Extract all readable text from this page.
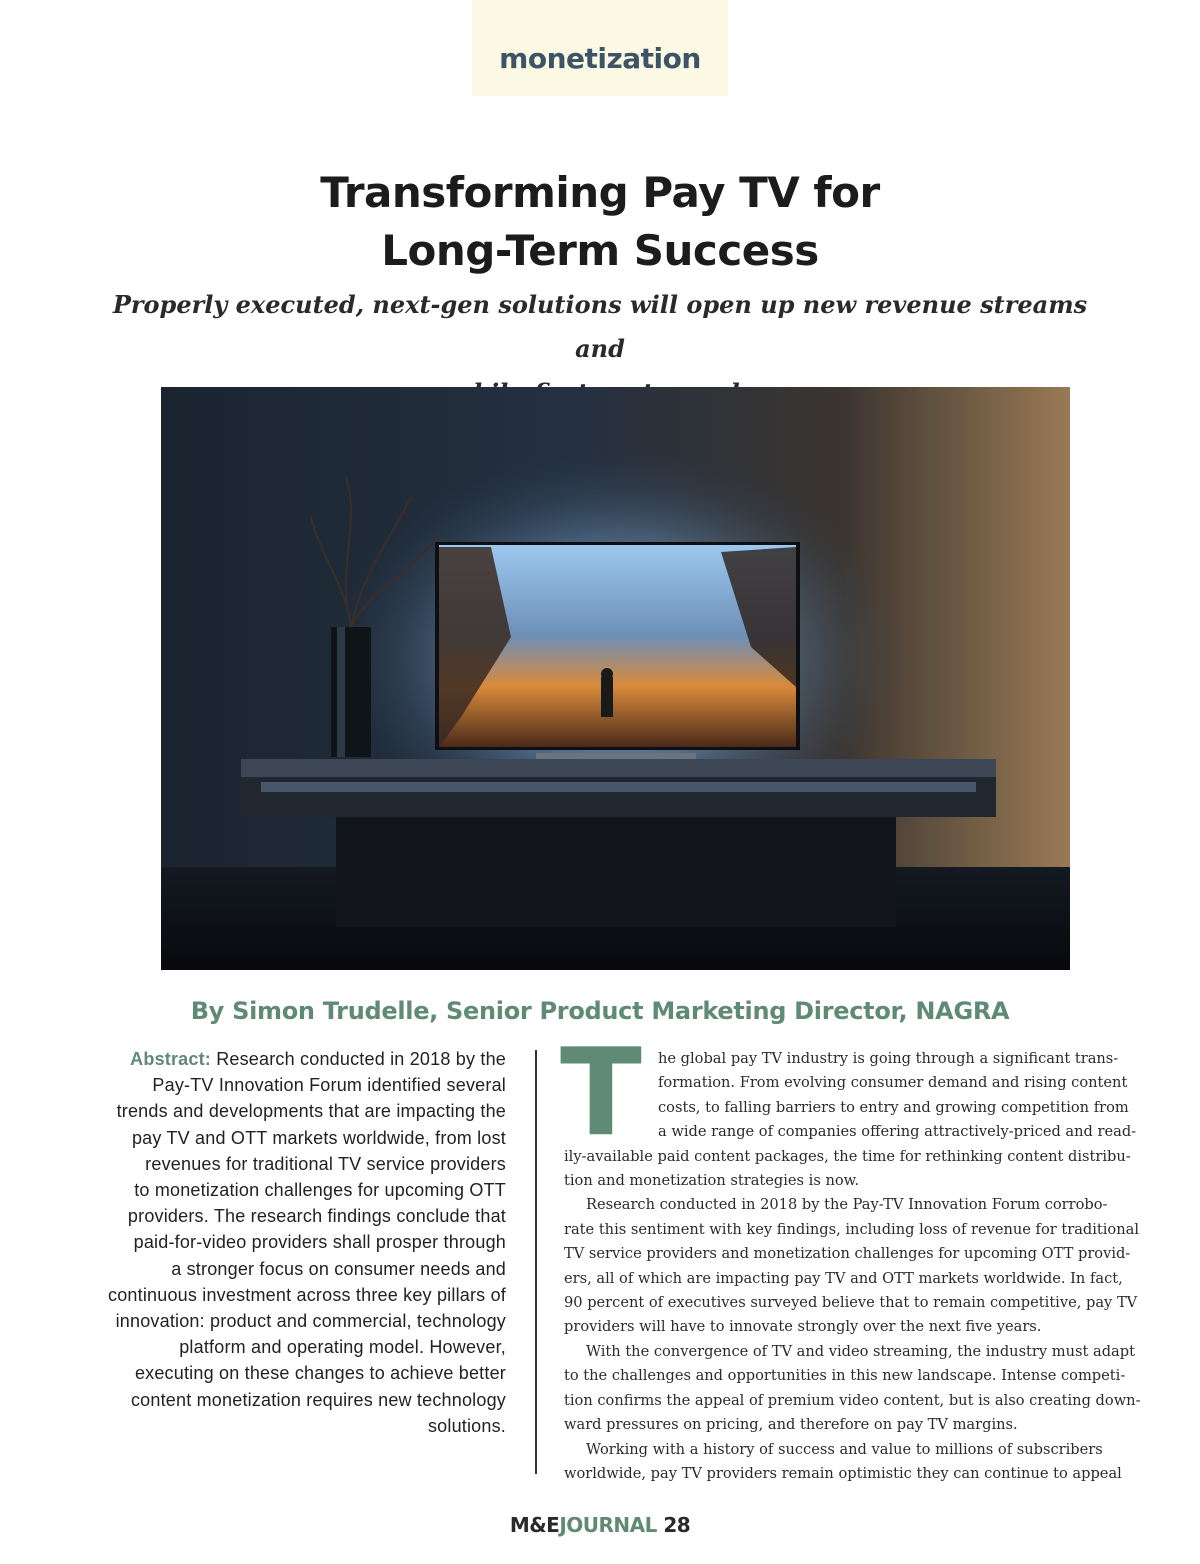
monetization
Transforming Pay TV for
Long-Term Success
Properly executed, next-gen solutions will open up new revenue streams and
By Simon Trudelle, Senior Product Marketing Director, NAGRA
Abstract: Research conducted in 2018 by the
Pay-TV Innovation Forum identified several
trends and developments that are impacting the
pay TV and OTT markets worldwide, from lost
revenues for traditional TV service providers
to monetization challenges for upcoming OTT
providers. The research findings conclude that
paid-for-video providers shall prosper through
a stronger focus on consumer needs and
continuous investment across three key pillars of
innovation: product and commercial, technology
platform and operating model. However,
executing on these changes to achieve better
content monetization requires new technology
solutions.
T	he global pay TV industry is going through a significant trans-
formation. From evolving consumer demand and rising content
costs, to falling barriers to entry and growing competition from
a wide range of companies offering attractively-priced and read-
ily-available paid content packages, the time for rethinking content distribu-
tion and monetization strategies is now.
Research conducted in 2018 by the Pay-TV Innovation Forum corrobo-
rate this sentiment with key findings, including loss of revenue for traditional
TV service providers and monetization challenges for upcoming OTT provid-
ers, all of which are impacting pay TV and OTT markets worldwide. In fact,
90 percent of executives surveyed believe that to remain competitive, pay TV
providers will have to innovate strongly over the next five years.
With the convergence of TV and video streaming, the industry must adapt
to the challenges and opportunities in this new landscape. Intense competi-
tion confirms the appeal of premium video content, but is also creating down-
ward pressures on pricing, and therefore on pay TV margins.
Working with a history of success and value to millions of subscribers
worldwide, pay TV providers remain optimistic they can continue to appeal
M&EJOURNAL 28
